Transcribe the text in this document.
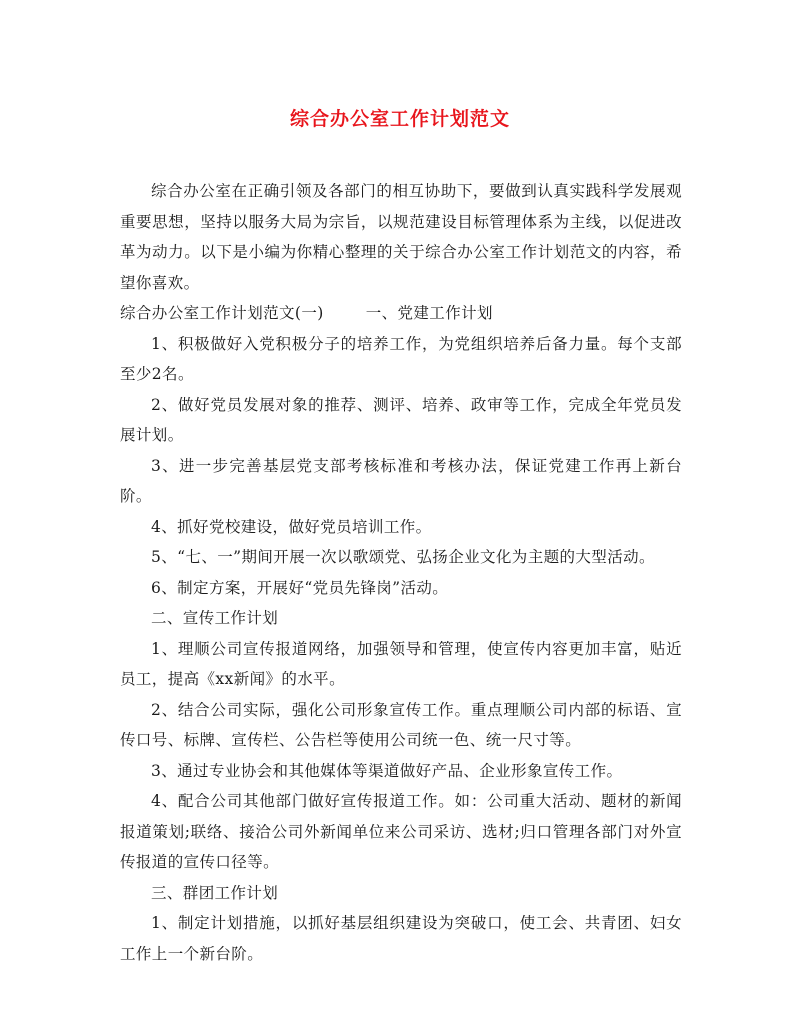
综合办公室工作计划范文

综合办公室在正确引领及各部门的相互协助下，要做到认真实践科学发展观重要思想，坚持以服务大局为宗旨，以规范建设目标管理体系为主线，以促进改革为动力。以下是小编为你精心整理的关于综合办公室工作计划范文的内容，希望你喜欢。

综合办公室工作计划范文(一)	一、党建工作计划

1、积极做好入党积极分子的培养工作，为党组织培养后备力量。每个支部至少2名。

2、做好党员发展对象的推荐、测评、培养、政审等工作，完成全年党员发展计划。

3、进一步完善基层党支部考核标准和考核办法，保证党建工作再上新台阶。

4、抓好党校建设，做好党员培训工作。

5、“七、一”期间开展一次以歌颂党、弘扬企业文化为主题的大型活动。

6、制定方案，开展好“党员先锋岗”活动。

二、宣传工作计划

1、理顺公司宣传报道网络，加强领导和管理，使宣传内容更加丰富，贴近员工，提高《xx新闻》的水平。

2、结合公司实际，强化公司形象宣传工作。重点理顺公司内部的标语、宣传口号、标牌、宣传栏、公告栏等使用公司统一色、统一尺寸等。

3、通过专业协会和其他媒体等渠道做好产品、企业形象宣传工作。

4、配合公司其他部门做好宣传报道工作。如：公司重大活动、题材的新闻报道策划;联络、接洽公司外新闻单位来公司采访、选材;归口管理各部门对外宣传报道的宣传口径等。

三、群团工作计划

1、制定计划措施，以抓好基层组织建设为突破口，使工会、共青团、妇女工作上一个新台阶。
